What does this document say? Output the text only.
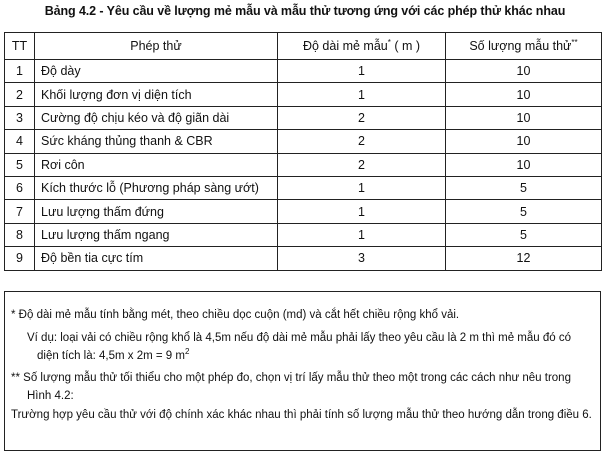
Bảng 4.2 - Yêu cầu về lượng mẻ mẫu và mẫu thử tương ứng với các phép thử khác nhau
TT	Phép thử	Độ dài mẻ mẫu* ( m )	Số lượng mẫu thử**
1	Độ dày	1	10
2	Khối lượng đơn vị diện tích	1	10
3	Cường độ chịu kéo và độ giãn dài	2	10
4	Sức kháng thủng thanh & CBR	2	10
5	Rơi côn	2	10
6	Kích thước lỗ (Phương pháp sàng ướt)	1	5
7	Lưu lượng thấm đứng	1	5
8	Lưu lượng thấm ngang	1	5
9	Độ bền tia cực tím	3	12

* Độ dài mẻ mẫu tính bằng mét, theo chiều dọc cuộn (md) và cắt hết chiều rộng khổ vải.

Ví dụ: loại vải có chiều rộng khổ là 4,5m nếu độ dài mẻ mẫu phải lấy theo yêu cầu là 2 m thì mẻ mẫu đó có

diện tích là: 4,5m x 2m = 9 $m^2$

** Số lượng mẫu thử tối thiểu cho một phép đo, chọn vị trí lấy mẫu thử theo một trong các cách như nêu trong

Hình 4.2:

Trường hợp yêu cầu thử với độ chính xác khác nhau thì phải tính số lượng mẫu thử theo hướng dẫn trong điều 6.
